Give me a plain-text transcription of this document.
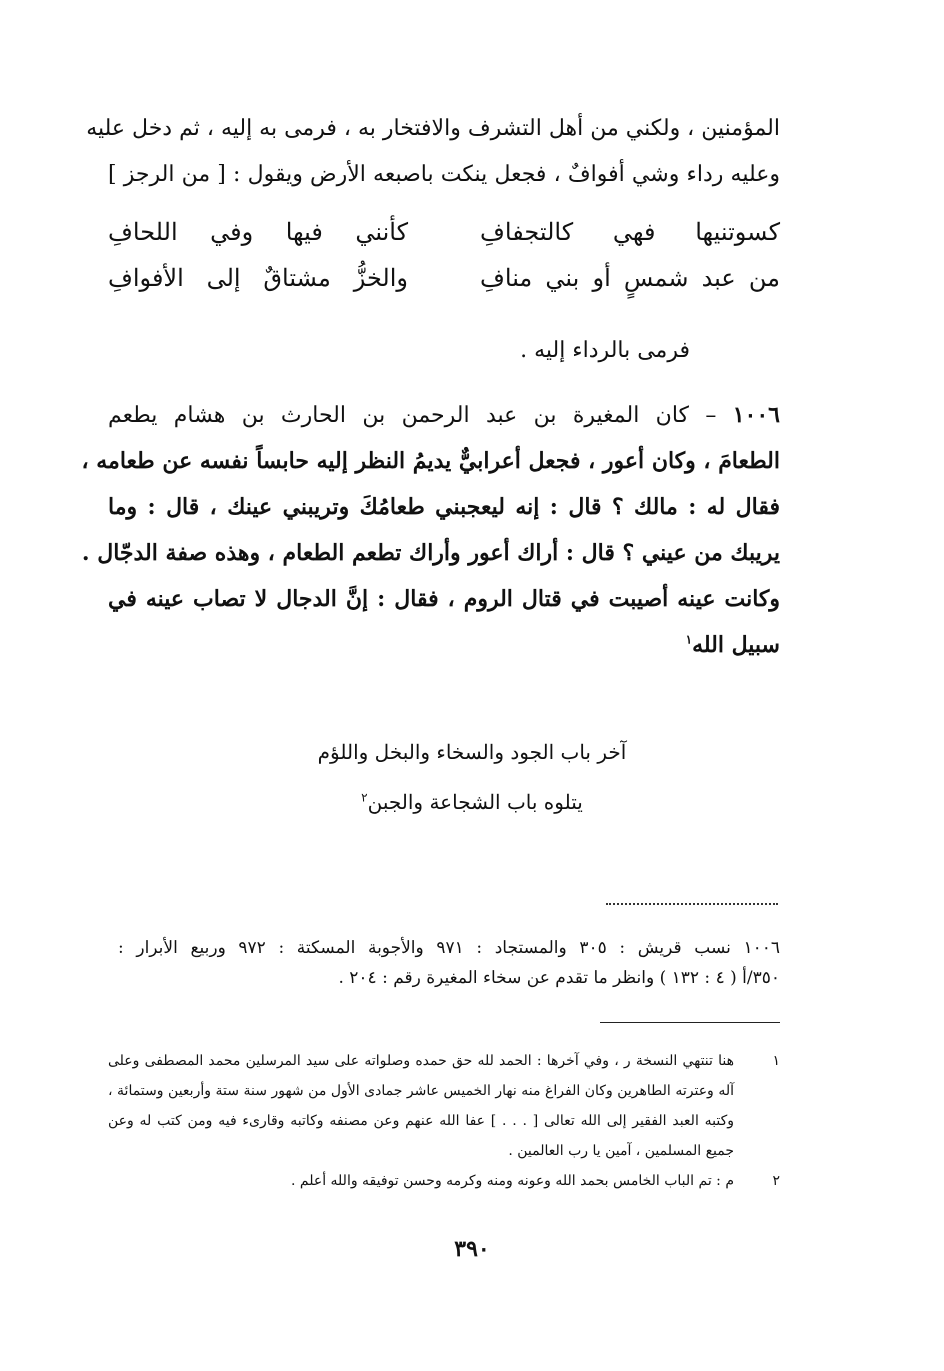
المؤمنين ، ولكني من أهل التشرف والافتخار به ، فرمى به إليه ، ثم دخل عليه
وعليه رداء وشي أفوافٌ ، فجعل ينكت باصبعه الأرض ويقول : [ من الرجز ]
كسوتنيها فهي كالتجفافِ
كأنني فيها وفي اللحافِ
من عبد شمسٍ أو بني منافِ
والخزُّ مشتاقٌ إلى الأفوافِ
فرمى بالرداء إليه .
١٠٠٦ – كان المغيرة بن عبد الرحمن بن الحارث بن هشام يطعم
الطعامَ ، وكان أعور ، فجعل أعرابيٌّ يديمُ النظر إليه حابساً نفسه عن طعامه ،
فقال له : مالك ؟ قال : إنه ليعجبني طعامُكَ وتريبني عينك ، قال : وما
يريبك من عيني ؟ قال : أراك أعور وأراك تطعم الطعام ، وهذه صفة الدجّال .
وكانت عينه أصيبت في قتال الروم ، فقال : إنَّ الدجال لا تصاب عينه في
سبيل الله$^١$
آخر باب الجود والسخاء والبخل واللؤم
يتلوه باب الشجاعة والجبن$^٢$
١٠٠٦ نسب قريش : ٣٠٥ والمستجاد : ٩٧١ والأجوبة المسكتة : ٩٧٢ وربيع الأبرار :
٣٥٠/أ ( ٤ : ١٣٢ ) وانظر ما تقدم عن سخاء المغيرة رقم : ٢٠٤ .
١
هنا تنتهي النسخة ر ، وفي آخرها : الحمد لله حق حمده وصلواته على سيد المرسلين محمد المصطفى وعلى
آله وعترته الطاهرين وكان الفراغ منه نهار الخميس عاشر جمادى الأول من شهور سنة ستة وأربعين وستمائة ،
وكتبه العبد الفقير إلى الله تعالى [ . . . ] عفا الله عنهم وعن مصنفه وكاتبه وقارىء فيه ومن كتب له وعن
جميع المسلمين ، آمين يا رب العالمين .
٢
م : تم الباب الخامس بحمد الله وعونه ومنه وكرمه وحسن توفيقه والله أعلم .
٣٩٠
